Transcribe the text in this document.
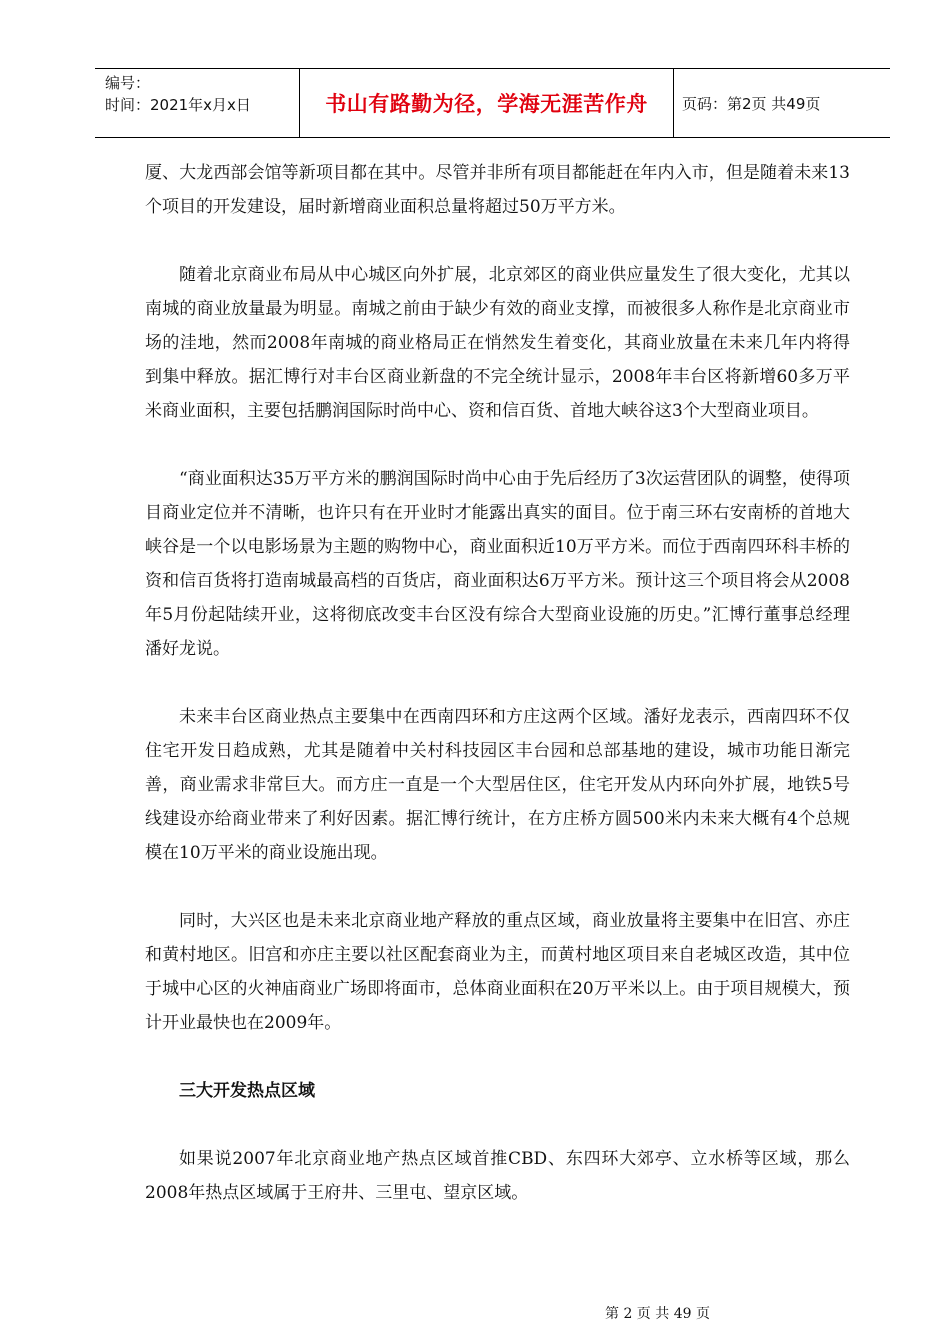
编号：
时间：2021年x月x日	书山有路勤为径，学海无涯苦作舟	页码：第2页 共49页

厦、大龙西部会馆等新项目都在其中。尽管并非所有项目都能赶在年内入市，但是随着未来13个项目的开发建设，届时新增商业面积总量将超过50万平方米。

随着北京商业布局从中心城区向外扩展，北京郊区的商业供应量发生了很大变化，尤其以南城的商业放量最为明显。南城之前由于缺少有效的商业支撑，而被很多人称作是北京商业市场的洼地，然而2008年南城的商业格局正在悄然发生着变化，其商业放量在未来几年内将得到集中释放。据汇博行对丰台区商业新盘的不完全统计显示，2008年丰台区将新增60多万平米商业面积，主要包括鹏润国际时尚中心、资和信百货、首地大峡谷这3个大型商业项目。

“商业面积达35万平方米的鹏润国际时尚中心由于先后经历了3次运营团队的调整，使得项目商业定位并不清晰，也许只有在开业时才能露出真实的面目。位于南三环右安南桥的首地大峡谷是一个以电影场景为主题的购物中心，商业面积近10万平方米。而位于西南四环科丰桥的资和信百货将打造南城最高档的百货店，商业面积达6万平方米。预计这三个项目将会从2008年5月份起陆续开业，这将彻底改变丰台区没有综合大型商业设施的历史。”汇博行董事总经理潘好龙说。

未来丰台区商业热点主要集中在西南四环和方庄这两个区域。潘好龙表示，西南四环不仅住宅开发日趋成熟，尤其是随着中关村科技园区丰台园和总部基地的建设，城市功能日渐完善，商业需求非常巨大。而方庄一直是一个大型居住区，住宅开发从内环向外扩展，地铁5号线建设亦给商业带来了利好因素。据汇博行统计，在方庄桥方圆500米内未来大概有4个总规模在10万平米的商业设施出现。

同时，大兴区也是未来北京商业地产释放的重点区域，商业放量将主要集中在旧宫、亦庄和黄村地区。旧宫和亦庄主要以社区配套商业为主，而黄村地区项目来自老城区改造，其中位于城中心区的火神庙商业广场即将面市，总体商业面积在20万平米以上。由于项目规模大，预计开业最快也在2009年。

三大开发热点区域

如果说2007年北京商业地产热点区域首推CBD、东四环大郊亭、立水桥等区域，那么2008年热点区域属于王府井、三里屯、望京区域。

第 2 页 共 49 页
